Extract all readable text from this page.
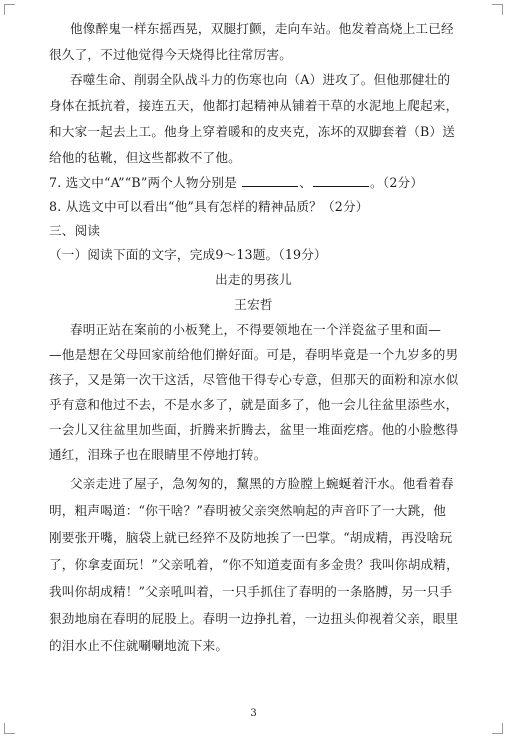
他像醉鬼一样东摇西晃，双腿打颤，走向车站。他发着高烧上工已经
很久了，不过他觉得今天烧得比往常厉害。
吞噬生命、削弱全队战斗力的伤寒也向（A）进攻了。但他那健壮的
身体在抵抗着，接连五天，他都打起精神从铺着干草的水泥地上爬起来，
和大家一起去上工。他身上穿着暖和的皮夹克，冻坏的双脚套着（B）送
给他的毡靴，但这些都救不了他。
7. 选文中“A”“B”两个人物分别是	、	。（2分）
8. 从选文中可以看出“他”具有怎样的精神品质？（2分）
三、阅读
（一）阅读下面的文字，完成9～13题。（19分）
出走的男孩儿
王宏哲
春明正站在案前的小板凳上，不得要领地在一个洋瓷盆子里和面—
—他是想在父母回家前给他们擀好面。可是，春明毕竟是一个九岁多的男
孩子，又是第一次干这活，尽管他干得专心专意，但那天的面粉和凉水似
乎有意和他过不去，不是水多了，就是面多了，他一会儿往盆里添些水，
一会儿又往盆里加些面，折腾来折腾去，盆里一堆面疙瘩。他的小脸憋得
通红，泪珠子也在眼睛里不停地打转。
父亲走进了屋子，急匆匆的，黧黑的方脸膛上蜿蜒着汗水。他看着春
明，粗声喝道：“你干啥？”春明被父亲突然响起的声音吓了一大跳，他
刚要张开嘴，脑袋上就已经猝不及防地挨了一巴掌。“胡成精，再没啥玩
了，你拿麦面玩！”父亲吼着，“你不知道麦面有多金贵？我叫你胡成精，
我叫你胡成精！”父亲吼叫着，一只手抓住了春明的一条胳膊，另一只手
狠劲地扇在春明的屁股上。春明一边挣扎着，一边扭头仰视着父亲，眼里
的泪水止不住就唰唰地流下来。
3
